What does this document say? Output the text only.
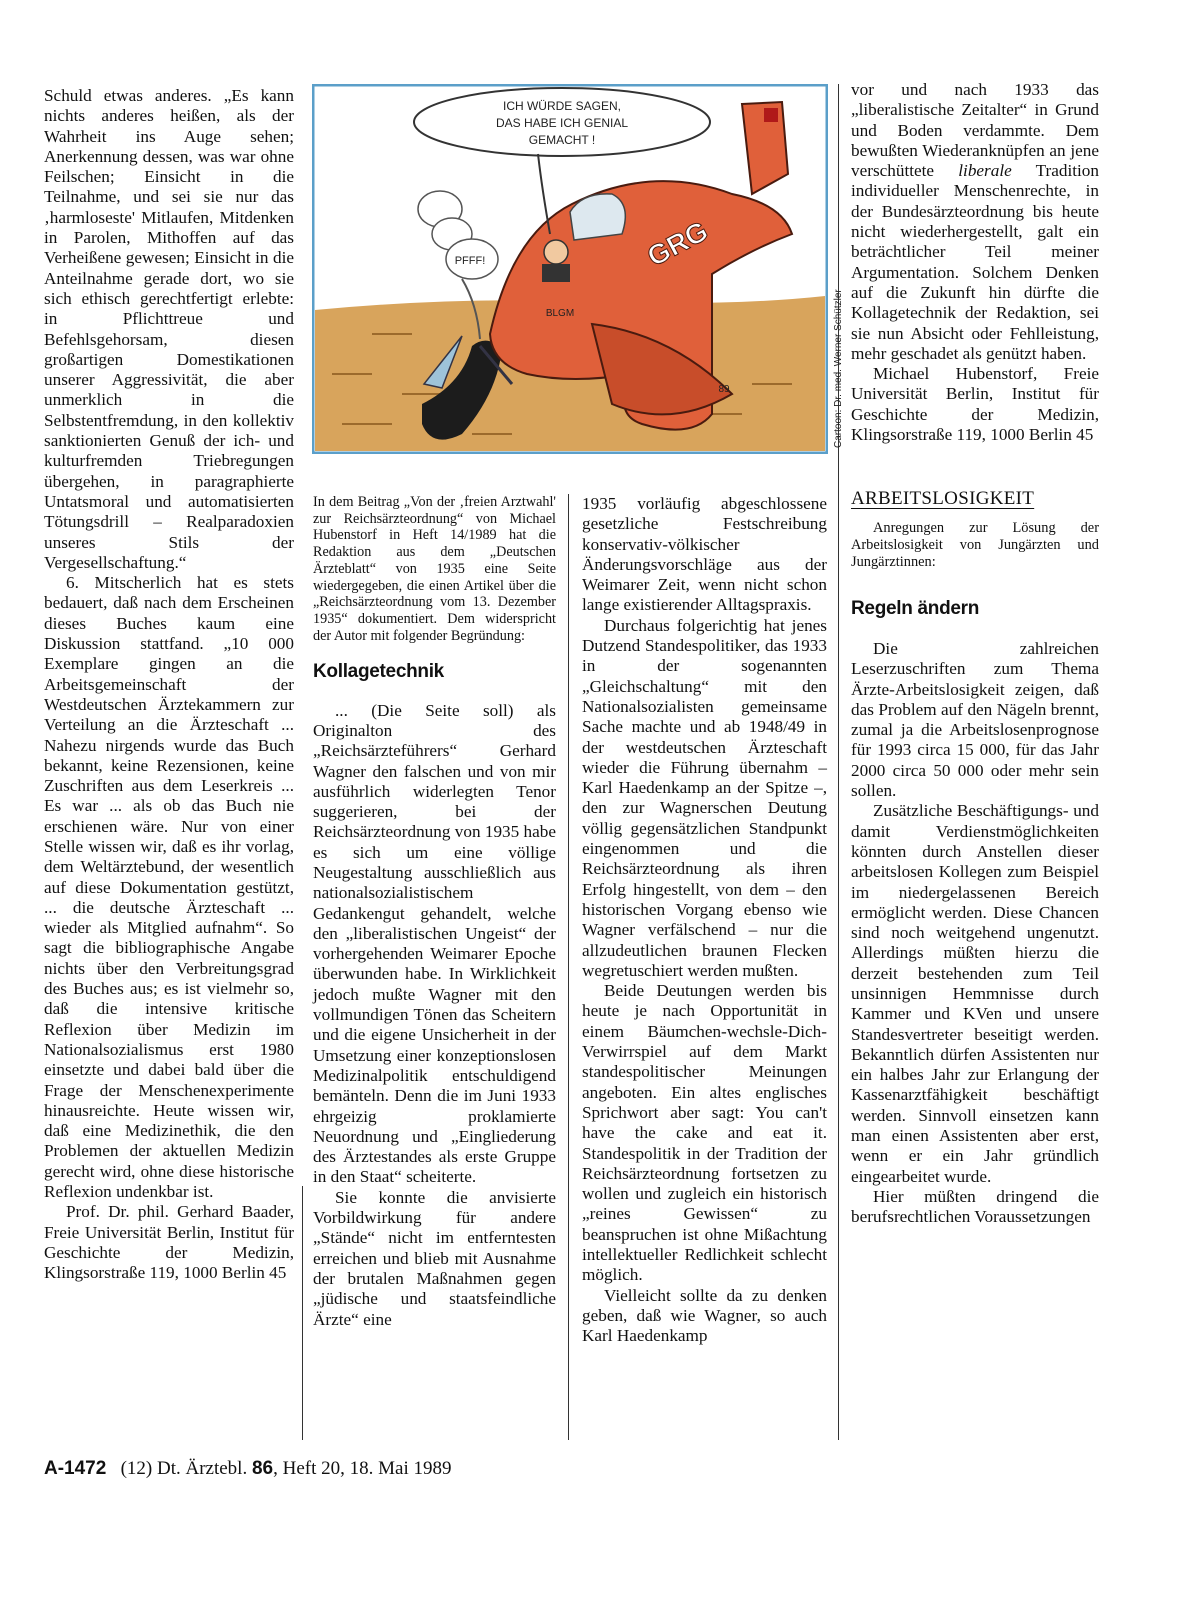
Schuld etwas anderes. „Es kann nichts anderes heißen, als der Wahrheit ins Auge sehen; Anerkennung dessen, was war ohne Feilschen; Einsicht in die Teilnahme, und sei sie nur das ‚harmloseste' Mitlaufen, Mitdenken in Parolen, Mithoffen auf das Verheißene gewesen; Einsicht in die Anteilnahme gerade dort, wo sie sich ethisch gerechtfertigt erlebte: in Pflichttreue und Befehlsgehorsam, diesen großartigen Domestikationen unserer Aggressivität, die aber unmerklich in die Selbstentfremdung, in den kollektiv sanktionierten Genuß der ich- und kulturfremden Triebregungen übergehen, in paragraphierte Untatsmoral und automatisierten Tötungsdrill – Realparadoxien unseres Stils der Vergesellschaftung.“

6. Mitscherlich hat es stets bedauert, daß nach dem Erscheinen dieses Buches kaum eine Diskussion stattfand. „10 000 Exemplare gingen an die Arbeitsgemeinschaft der Westdeutschen Ärztekammern zur Verteilung an die Ärzteschaft ... Nahezu nirgends wurde das Buch bekannt, keine Rezensionen, keine Zuschriften aus dem Leserkreis ... Es war ... als ob das Buch nie erschienen wäre. Nur von einer Stelle wissen wir, daß es ihr vorlag, dem Weltärztebund, der wesentlich auf diese Dokumentation gestützt, ... die deutsche Ärzteschaft ... wieder als Mitglied aufnahm“. So sagt die bibliographische Angabe nichts über den Verbreitungsgrad des Buches aus; es ist vielmehr so, daß die intensive kritische Reflexion über Medizin im Nationalsozialismus erst 1980 einsetzte und dabei bald über die Frage der Menschenexperimente hinausreichte. Heute wissen wir, daß eine Medizinethik, die den Problemen der aktuellen Medizin gerecht wird, ohne diese historische Reflexion undenkbar ist.

Prof. Dr. phil. Gerhard Baader, Freie Universität Berlin, Institut für Geschichte der Medizin, Klingsorstraße 119, 1000 Berlin 45

ICH WÜRDE SAGEN,
DAS HABE ICH GENIAL
GEMACHT !
PFFF!
BLGM
89
GRG
Cartoon: Dr. med. Werner Schützler

In dem Beitrag „Von der ‚freien Arztwahl' zur Reichsärzteordnung“ von Michael Hubenstorf in Heft 14/1989 hat die Redaktion aus dem „Deutschen Ärzteblatt“ von 1935 eine Seite wiedergegeben, die einen Artikel über die „Reichsärzteordnung vom 13. Dezember 1935“ dokumentiert. Dem widerspricht der Autor mit folgender Begründung:

Kollagetechnik

... (Die Seite soll) als Originalton des „Reichsärzteführers“ Gerhard Wagner den falschen und von mir ausführlich widerlegten Tenor suggerieren, bei der Reichsärzteordnung von 1935 habe es sich um eine völlige Neugestaltung ausschließlich aus nationalsozialistischem Gedankengut gehandelt, welche den „liberalistischen Ungeist“ der vorhergehenden Weimarer Epoche überwunden habe. In Wirklichkeit jedoch mußte Wagner mit den vollmundigen Tönen das Scheitern und die eigene Unsicherheit in der Umsetzung einer konzeptionslosen Medizinalpolitik entschuldigend bemänteln. Denn die im Juni 1933 ehrgeizig proklamierte Neuordnung und „Eingliederung des Ärztestandes als erste Gruppe in den Staat“ scheiterte.

Sie konnte die anvisierte Vorbildwirkung für andere „Stände“ nicht im entferntesten erreichen und blieb mit Ausnahme der brutalen Maßnahmen gegen „jüdische und staatsfeindliche Ärzte“ eine

1935 vorläufig abgeschlossene gesetzliche Festschreibung konservativ-völkischer Änderungsvorschläge aus der Weimarer Zeit, wenn nicht schon lange existierender Alltagspraxis.

Durchaus folgerichtig hat jenes Dutzend Standespolitiker, das 1933 in der sogenannten „Gleichschaltung“ mit den Nationalsozialisten gemeinsame Sache machte und ab 1948/49 in der westdeutschen Ärzteschaft wieder die Führung übernahm – Karl Haedenkamp an der Spitze –, den zur Wagnerschen Deutung völlig gegensätzlichen Standpunkt eingenommen und die Reichsärzteordnung als ihren Erfolg hingestellt, von dem – den historischen Vorgang ebenso wie Wagner verfälschend – nur die allzudeutlichen braunen Flecken wegretuschiert werden mußten.

Beide Deutungen werden bis heute je nach Opportunität in einem Bäumchen-wechsle-Dich-Verwirrspiel auf dem Markt standespolitischer Meinungen angeboten. Ein altes englisches Sprichwort aber sagt: You can't have the cake and eat it. Standespolitik in der Tradition der Reichsärzteordnung fortsetzen zu wollen und zugleich ein historisch „reines Gewissen“ zu beanspruchen ist ohne Mißachtung intellektueller Redlichkeit schlecht möglich.

Vielleicht sollte da zu denken geben, daß wie Wagner, so auch Karl Haedenkamp

vor und nach 1933 das „liberalistische Zeitalter“ in Grund und Boden verdammte. Dem bewußten Wiederanknüpfen an jene verschüttete liberale Tradition individueller Menschenrechte, in der Bundesärzteordnung bis heute nicht wiederhergestellt, galt ein beträchtlicher Teil meiner Argumentation. Solchem Denken auf die Zukunft hin dürfte die Kollagetechnik der Redaktion, sei sie nun Absicht oder Fehlleistung, mehr geschadet als genützt haben.

Michael Hubenstorf, Freie Universität Berlin, Institut für Geschichte der Medizin, Klingsorstraße 119, 1000 Berlin 45

ARBEITSLOSIGKEIT

Anregungen zur Lösung der Arbeitslosigkeit von Jungärzten und Jungärztinnen:

Regeln ändern

Die zahlreichen Leserzuschriften zum Thema Ärzte-Arbeitslosigkeit zeigen, daß das Problem auf den Nägeln brennt, zumal ja die Arbeitslosenprognose für 1993 circa 15 000, für das Jahr 2000 circa 50 000 oder mehr sein sollen.

Zusätzliche Beschäftigungs- und damit Verdienstmöglichkeiten könnten durch Anstellen dieser arbeitslosen Kollegen zum Beispiel im niedergelassenen Bereich ermöglicht werden. Diese Chancen sind noch weitgehend ungenutzt. Allerdings müßten hierzu die derzeit bestehenden zum Teil unsinnigen Hemmnisse durch Kammer und KVen und unsere Standesvertreter beseitigt werden. Bekanntlich dürfen Assistenten nur ein halbes Jahr zur Erlangung der Kassenarztfähigkeit beschäftigt werden. Sinnvoll einsetzen kann man einen Assistenten aber erst, wenn er ein Jahr gründlich eingearbeitet wurde.

Hier müßten dringend die berufsrechtlichen Voraussetzungen

A-1472 (12) Dt. Ärztebl. 86, Heft 20, 18. Mai 1989
